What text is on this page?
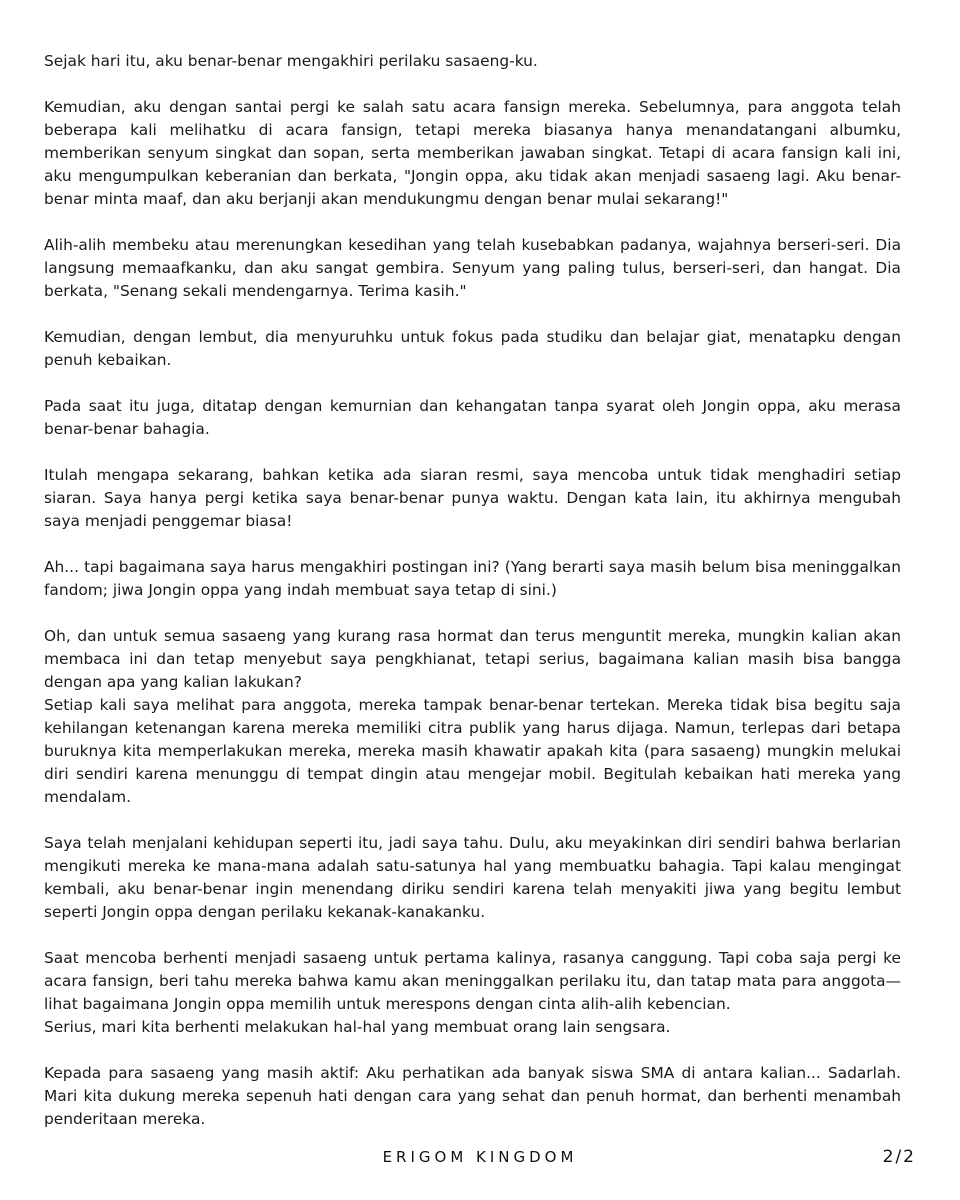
Sejak hari itu, aku benar-benar mengakhiri perilaku sasaeng-ku.

Kemudian, aku dengan santai pergi ke salah satu acara fansign mereka. Sebelumnya, para anggota telah beberapa kali melihatku di acara fansign, tetapi mereka biasanya hanya menandatangani albumku, memberikan senyum singkat dan sopan, serta memberikan jawaban singkat. Tetapi di acara fansign kali ini, aku mengumpulkan keberanian dan berkata, "Jongin oppa, aku tidak akan menjadi sasaeng lagi. Aku benar-benar minta maaf, dan aku berjanji akan mendukungmu dengan benar mulai sekarang!"

Alih-alih membeku atau merenungkan kesedihan yang telah kusebabkan padanya, wajahnya berseri-seri. Dia langsung memaafkanku, dan aku sangat gembira. Senyum yang paling tulus, berseri-seri, dan hangat. Dia berkata, "Senang sekali mendengarnya. Terima kasih."

Kemudian, dengan lembut, dia menyuruhku untuk fokus pada studiku dan belajar giat, menatapku dengan penuh kebaikan.

Pada saat itu juga, ditatap dengan kemurnian dan kehangatan tanpa syarat oleh Jongin oppa, aku merasa benar-benar bahagia.

Itulah mengapa sekarang, bahkan ketika ada siaran resmi, saya mencoba untuk tidak menghadiri setiap siaran. Saya hanya pergi ketika saya benar-benar punya waktu. Dengan kata lain, itu akhirnya mengubah saya menjadi penggemar biasa!

Ah... tapi bagaimana saya harus mengakhiri postingan ini? (Yang berarti saya masih belum bisa meninggalkan fandom; jiwa Jongin oppa yang indah membuat saya tetap di sini.)

Oh, dan untuk semua sasaeng yang kurang rasa hormat dan terus menguntit mereka, mungkin kalian akan membaca ini dan tetap menyebut saya pengkhianat, tetapi serius, bagaimana kalian masih bisa bangga dengan apa yang kalian lakukan?

Setiap kali saya melihat para anggota, mereka tampak benar-benar tertekan. Mereka tidak bisa begitu saja kehilangan ketenangan karena mereka memiliki citra publik yang harus dijaga. Namun, terlepas dari betapa buruknya kita memperlakukan mereka, mereka masih khawatir apakah kita (para sasaeng) mungkin melukai diri sendiri karena menunggu di tempat dingin atau mengejar mobil. Begitulah kebaikan hati mereka yang mendalam.

Saya telah menjalani kehidupan seperti itu, jadi saya tahu. Dulu, aku meyakinkan diri sendiri bahwa berlarian mengikuti mereka ke mana-mana adalah satu-satunya hal yang membuatku bahagia. Tapi kalau mengingat kembali, aku benar-benar ingin menendang diriku sendiri karena telah menyakiti jiwa yang begitu lembut seperti Jongin oppa dengan perilaku kekanak-kanakanku.

Saat mencoba berhenti menjadi sasaeng untuk pertama kalinya, rasanya canggung. Tapi coba saja pergi ke acara fansign, beri tahu mereka bahwa kamu akan meninggalkan perilaku itu, dan tatap mata para anggota—lihat bagaimana Jongin oppa memilih untuk merespons dengan cinta alih-alih kebencian.

Serius, mari kita berhenti melakukan hal-hal yang membuat orang lain sengsara.

Kepada para sasaeng yang masih aktif: Aku perhatikan ada banyak siswa SMA di antara kalian... Sadarlah. Mari kita dukung mereka sepenuh hati dengan cara yang sehat dan penuh hormat, dan berhenti menambah penderitaan mereka.

ERIGOM KINGDOM	2/2
